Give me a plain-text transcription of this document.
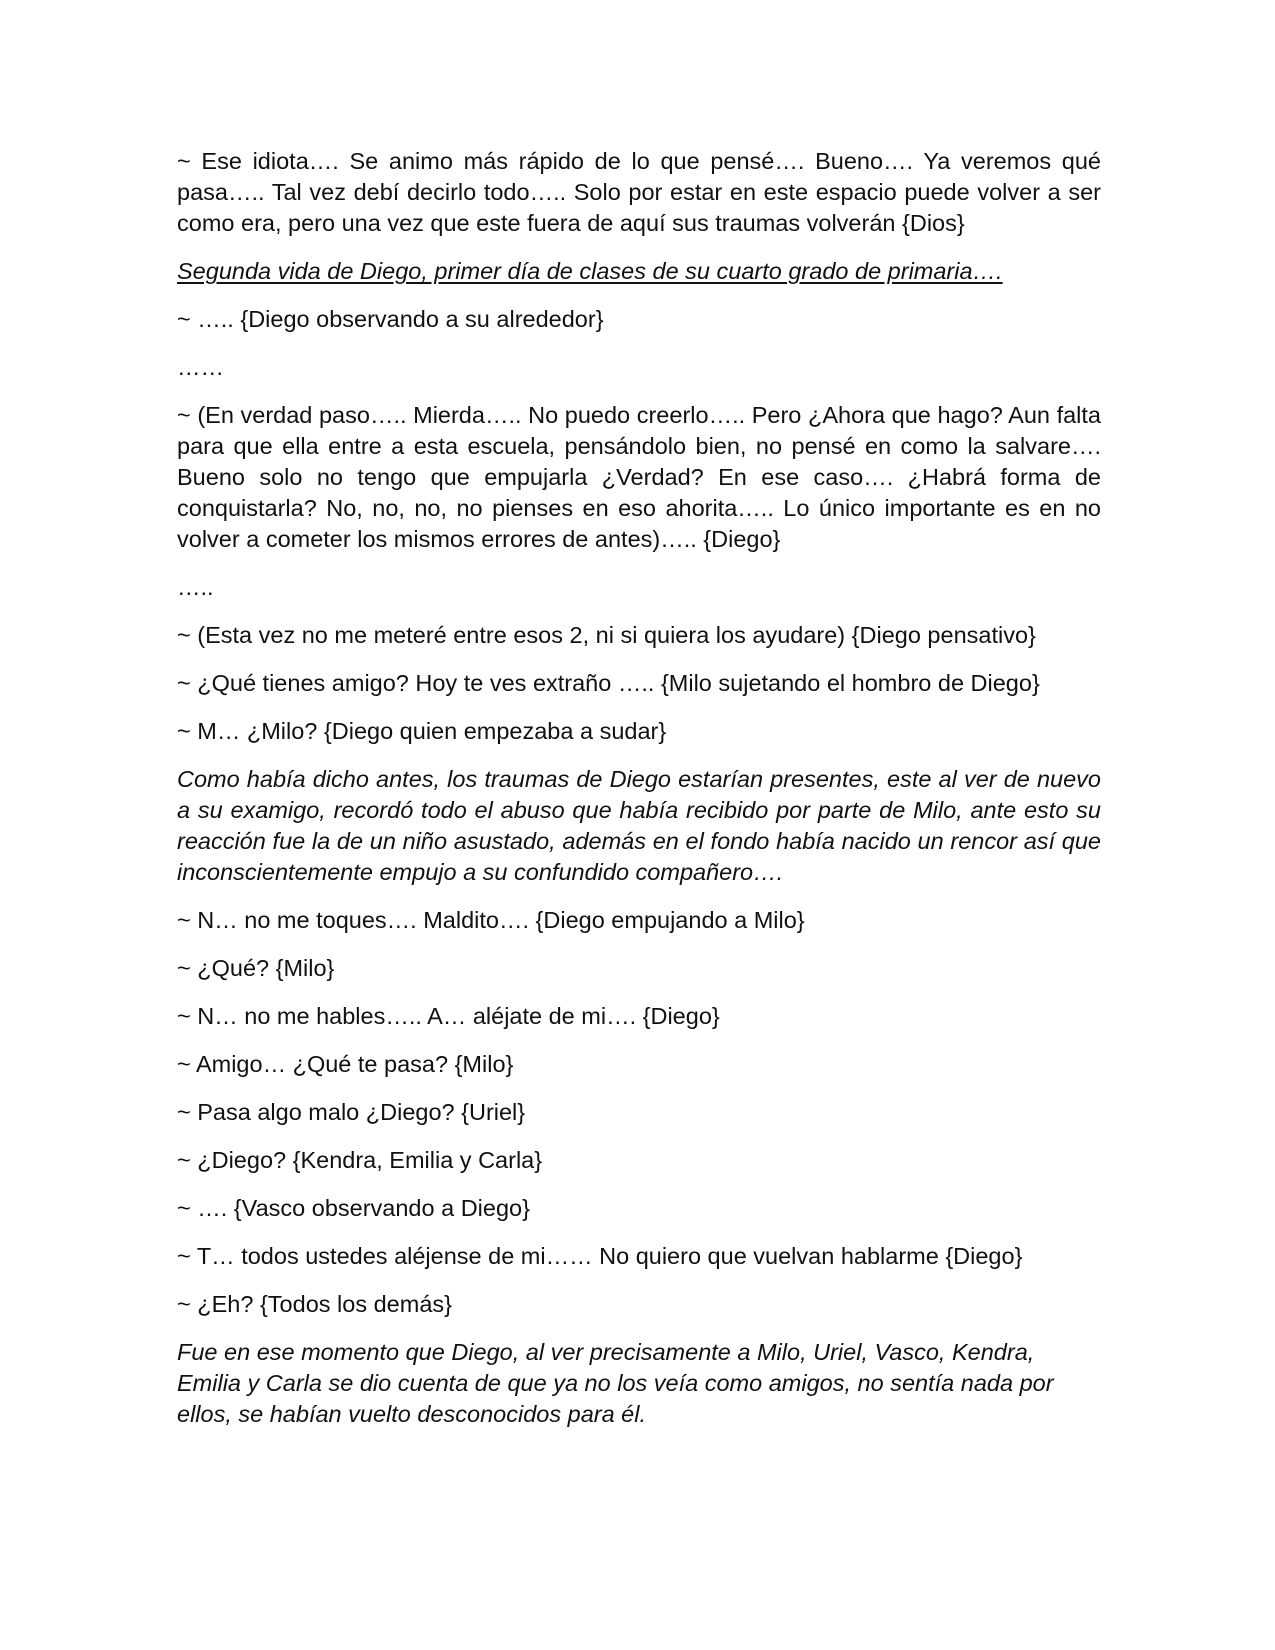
~ Ese idiota…. Se animo más rápido de lo que pensé…. Bueno…. Ya veremos qué pasa….. Tal vez debí decirlo todo….. Solo por estar en este espacio puede volver a ser como era, pero una vez que este fuera de aquí sus traumas volverán {Dios}

Segunda vida de Diego, primer día de clases de su cuarto grado de primaria….

~ ….. {Diego observando a su alrededor}

……

~ (En verdad paso….. Mierda….. No puedo creerlo….. Pero ¿Ahora que hago? Aun falta para que ella entre a esta escuela, pensándolo bien, no pensé en como la salvare…. Bueno solo no tengo que empujarla ¿Verdad? En ese caso…. ¿Habrá forma de conquistarla? No, no, no, no pienses en eso ahorita….. Lo único importante es en no volver a cometer los mismos errores de antes)….. {Diego}

…..

~ (Esta vez no me meteré entre esos 2, ni si quiera los ayudare) {Diego pensativo}

~ ¿Qué tienes amigo? Hoy te ves extraño ….. {Milo sujetando el hombro de Diego}

~ M… ¿Milo? {Diego quien empezaba a sudar}

Como había dicho antes, los traumas de Diego estarían presentes, este al ver de nuevo a su examigo, recordó todo el abuso que había recibido por parte de Milo, ante esto su reacción fue la de un niño asustado, además en el fondo había nacido un rencor así que inconscientemente empujo a su confundido compañero….

~ N… no me toques…. Maldito…. {Diego empujando a Milo}

~ ¿Qué? {Milo}

~ N… no me hables….. A… aléjate de mi…. {Diego}

~ Amigo… ¿Qué te pasa? {Milo}

~ Pasa algo malo ¿Diego? {Uriel}

~ ¿Diego? {Kendra, Emilia y Carla}

~ …. {Vasco observando a Diego}

~ T… todos ustedes aléjense de mi…… No quiero que vuelvan hablarme {Diego}

~ ¿Eh? {Todos los demás}

Fue en ese momento que Diego, al ver precisamente a Milo, Uriel, Vasco, Kendra, Emilia y Carla se dio cuenta de que ya no los veía como amigos, no sentía nada por ellos, se habían vuelto desconocidos para él.
